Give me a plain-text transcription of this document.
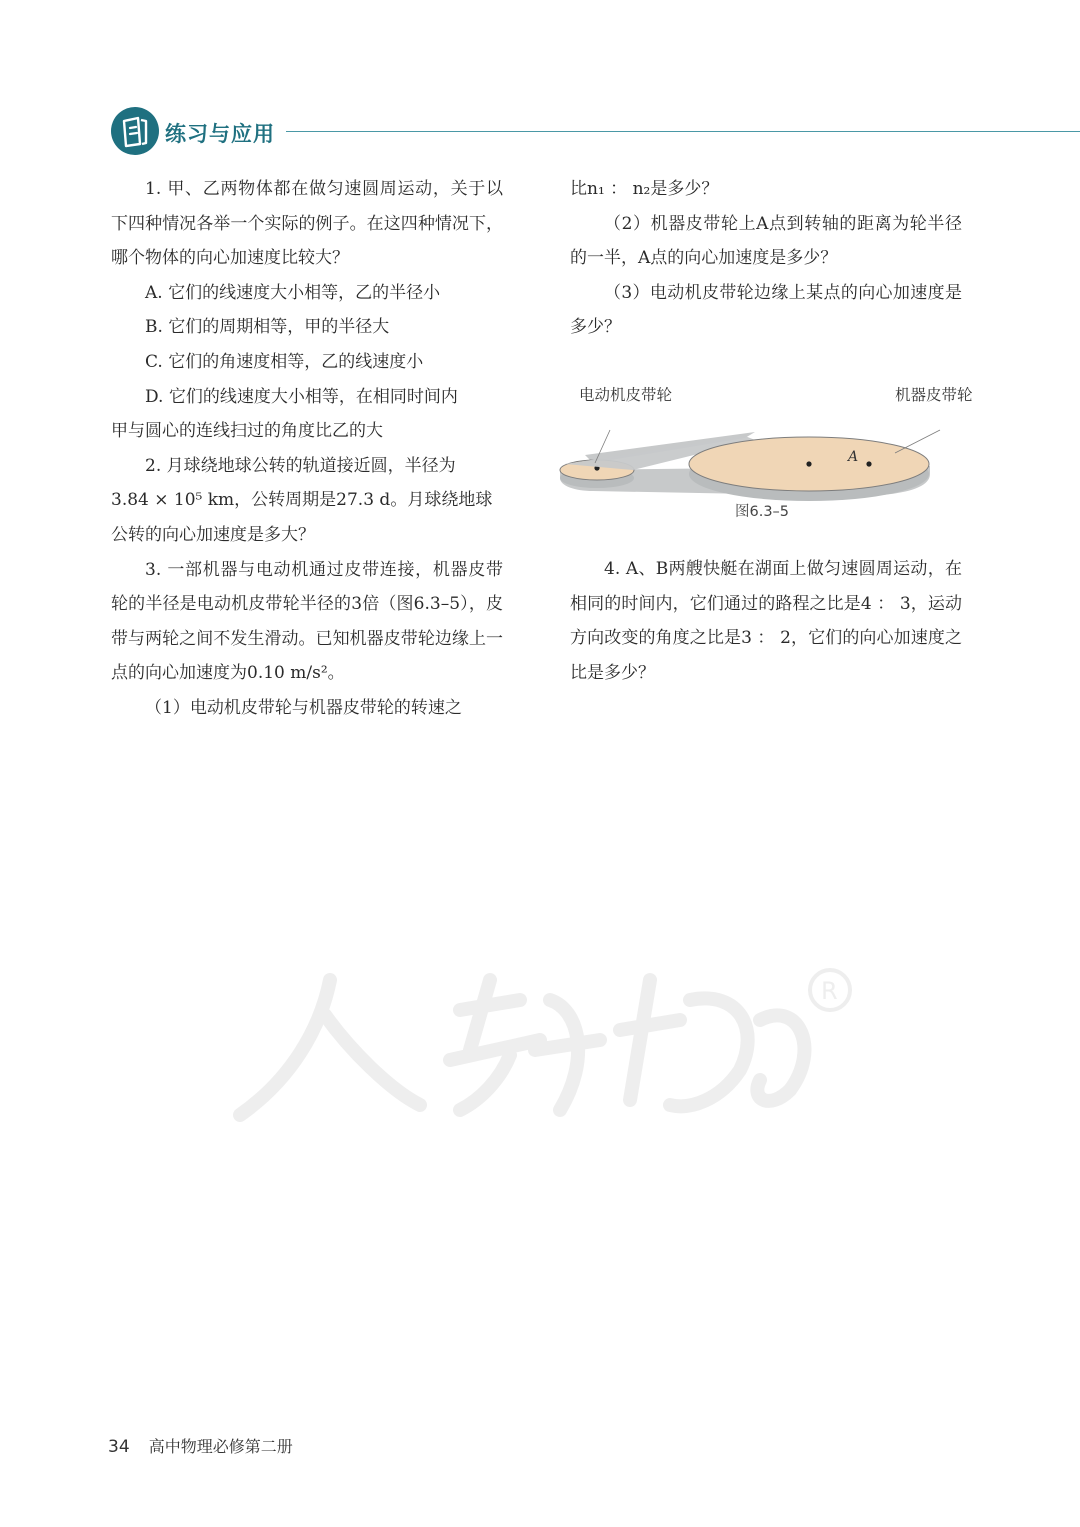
练习与应用

1. 甲、乙两物体都在做匀速圆周运动，关于以下四种情况各举一个实际的例子。在这四种情况下，哪个物体的向心加速度比较大？

A. 它们的线速度大小相等，乙的半径小

B. 它们的周期相等，甲的半径大

C. 它们的角速度相等，乙的线速度小

D. 它们的线速度大小相等，在相同时间内

甲与圆心的连线扫过的角度比乙的大

2. 月球绕地球公转的轨道接近圆，半径为

3.84 × 10⁵ km，公转周期是27.3 d。月球绕地球公转的向心加速度是多大？

3. 一部机器与电动机通过皮带连接，机器皮带轮的半径是电动机皮带轮半径的3倍（图6.3–5），皮带与两轮之间不发生滑动。已知机器皮带轮边缘上一点的向心加速度为0.10 m/s²。

（1）电动机皮带轮与机器皮带轮的转速之

比n₁ ： n₂是多少？

（2）机器皮带轮上A点到转轴的距离为轮半径的一半，A点的向心加速度是多少？

（3）电动机皮带轮边缘上某点的向心加速度是多少？

A
电动机皮带轮	机器皮带轮
图6.3–5

4. A、B两艘快艇在湖面上做匀速圆周运动，在相同的时间内，它们通过的路程之比是4 ： 3，运动方向改变的角度之比是3 ： 2，它们的向心加速度之比是多少？

R
34 高中物理必修第二册
